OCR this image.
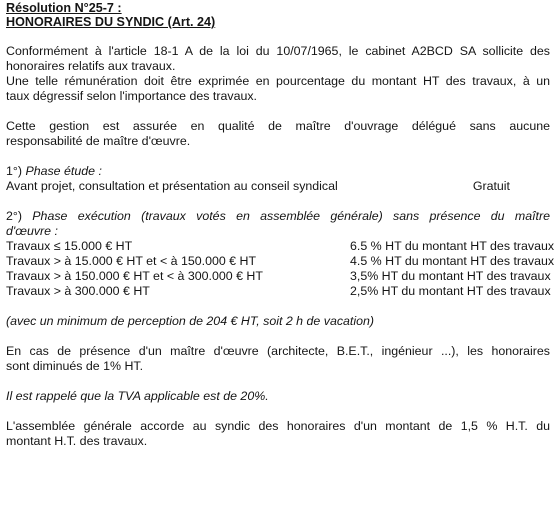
Résolution N°25-7 :
HONORAIRES DU SYNDIC (Art. 24)
Conformément à l'article 18-1 A de la loi du 10/07/1965, le cabinet A2BCD SA sollicite des
honoraires relatifs aux travaux.
Une telle rémunération doit être exprimée en pourcentage du montant HT des travaux, à un
taux dégressif selon l'importance des travaux.
Cette gestion est assurée en qualité de maître d'ouvrage délégué sans aucune
responsabilité de maître d'œuvre.
1°) Phase étude :
Avant projet, consultation et présentation au conseil syndical	Gratuit
2°) Phase exécution (travaux votés en assemblée générale) sans présence du maître
d'œuvre :
Travaux ≤ 15.000 € HT	6.5 % HT du montant HT des travaux
Travaux > à 15.000 € HT et < à 150.000 € HT	4.5 % HT du montant HT des travaux
Travaux > à 150.000 € HT et < à 300.000 € HT	3,5% HT du montant HT des travaux
Travaux > à 300.000 € HT	2,5% HT du montant HT des travaux
(avec un minimum de perception de 204 € HT, soit 2 h de vacation)
En cas de présence d'un maître d'œuvre (architecte, B.E.T., ingénieur ...), les honoraires
sont diminués de 1% HT.
Il est rappelé que la TVA applicable est de 20%.
L'assemblée générale accorde au syndic des honoraires d'un montant de 1,5 % H.T. du
montant H.T. des travaux.
